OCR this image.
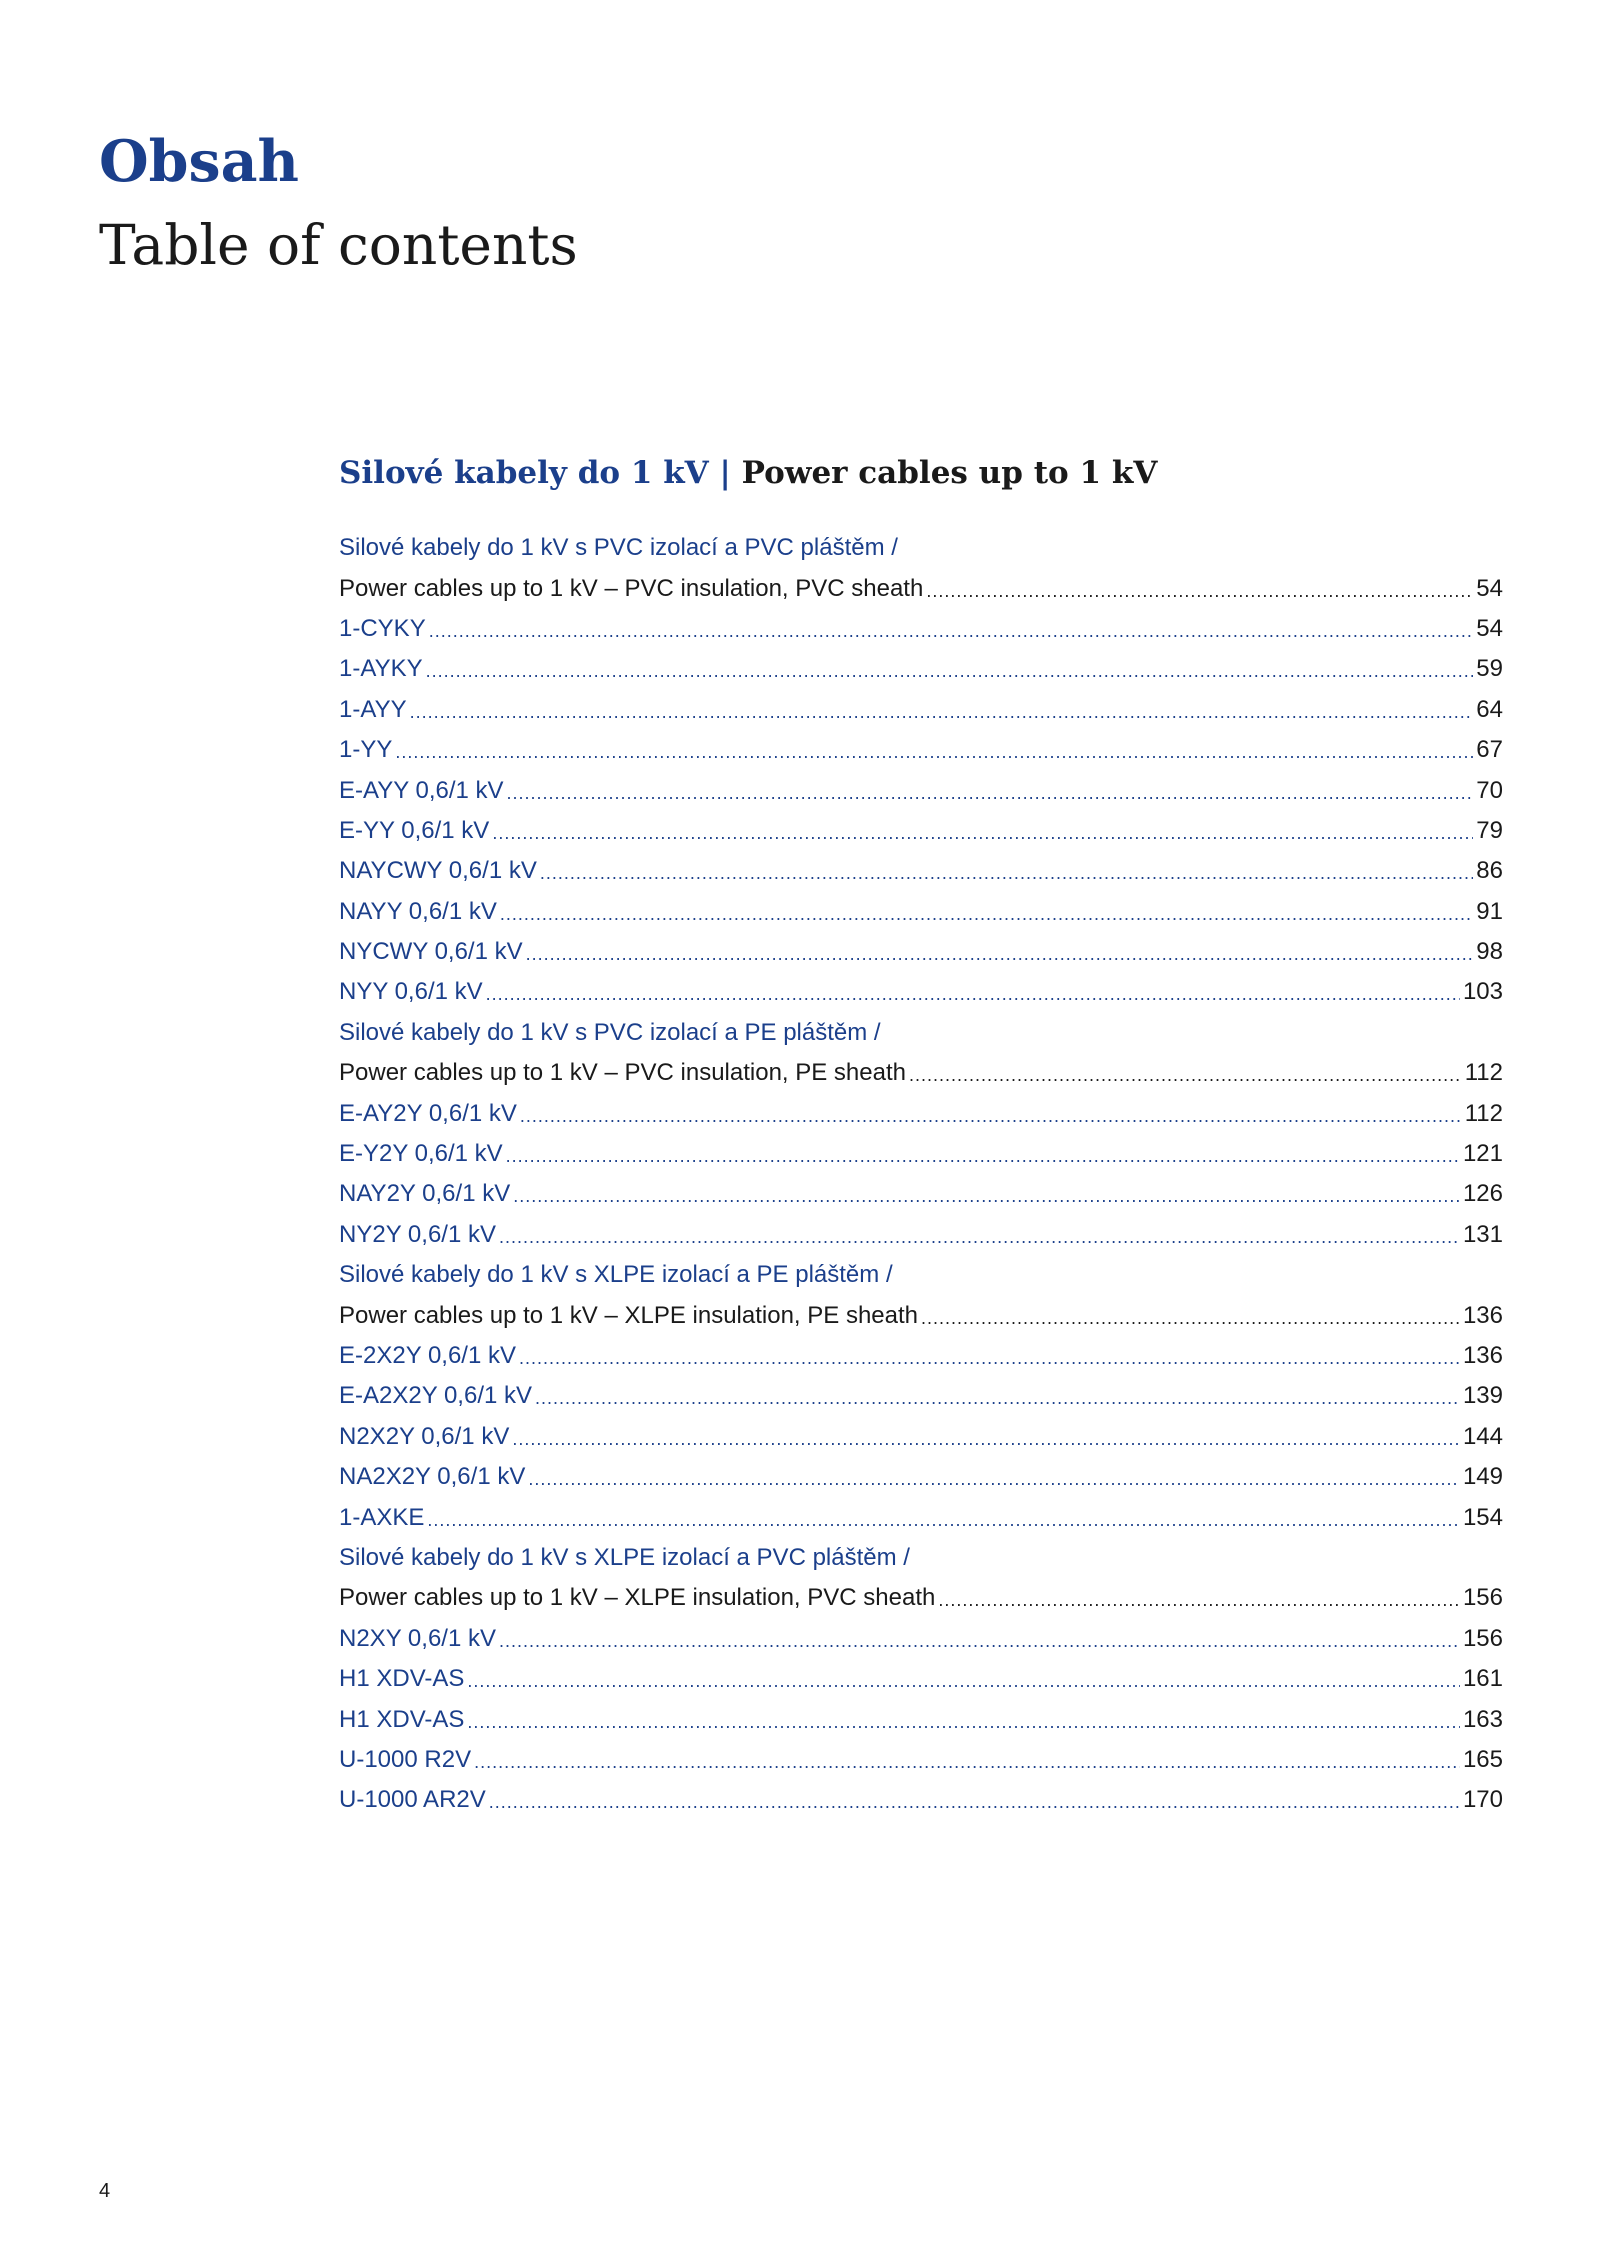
Obsah
Table of contents
Silové kabely do 1 kV | Power cables up to 1 kV
Silové kabely do 1 kV s PVC izolací a PVC pláštěm /
Power cables up to 1 kV – PVC insulation, PVC sheath .....	54
1-CYKY .....	54
1-AYKY .....	59
1-AYY .....	64
1-YY .....	67
E-AYY 0,6/1 kV .....	70
E-YY 0,6/1 kV .....	79
NAYCWY 0,6/1 kV .....	86
NAYY 0,6/1 kV .....	91
NYCWY 0,6/1 kV .....	98
NYY 0,6/1 kV .....	103
Silové kabely do 1 kV s PVC izolací a PE pláštěm /
Power cables up to 1 kV – PVC insulation, PE sheath .....	112
E-AY2Y 0,6/1 kV .....	112
E-Y2Y 0,6/1 kV .....	121
NAY2Y 0,6/1 kV .....	126
NY2Y 0,6/1 kV .....	131
Silové kabely do 1 kV s XLPE izolací a PE pláštěm /
Power cables up to 1 kV – XLPE insulation, PE sheath .....	136
E-2X2Y 0,6/1 kV .....	136
E-A2X2Y 0,6/1 kV .....	139
N2X2Y 0,6/1 kV .....	144
NA2X2Y 0,6/1 kV .....	149
1-AXKE .....	154
Silové kabely do 1 kV s XLPE izolací a PVC pláštěm /
Power cables up to 1 kV – XLPE insulation, PVC sheath .....	156
N2XY 0,6/1 kV .....	156
H1 XDV-AS .....	161
H1 XDV-AS .....	163
U-1000 R2V .....	165
U-1000 AR2V .....	170
4
